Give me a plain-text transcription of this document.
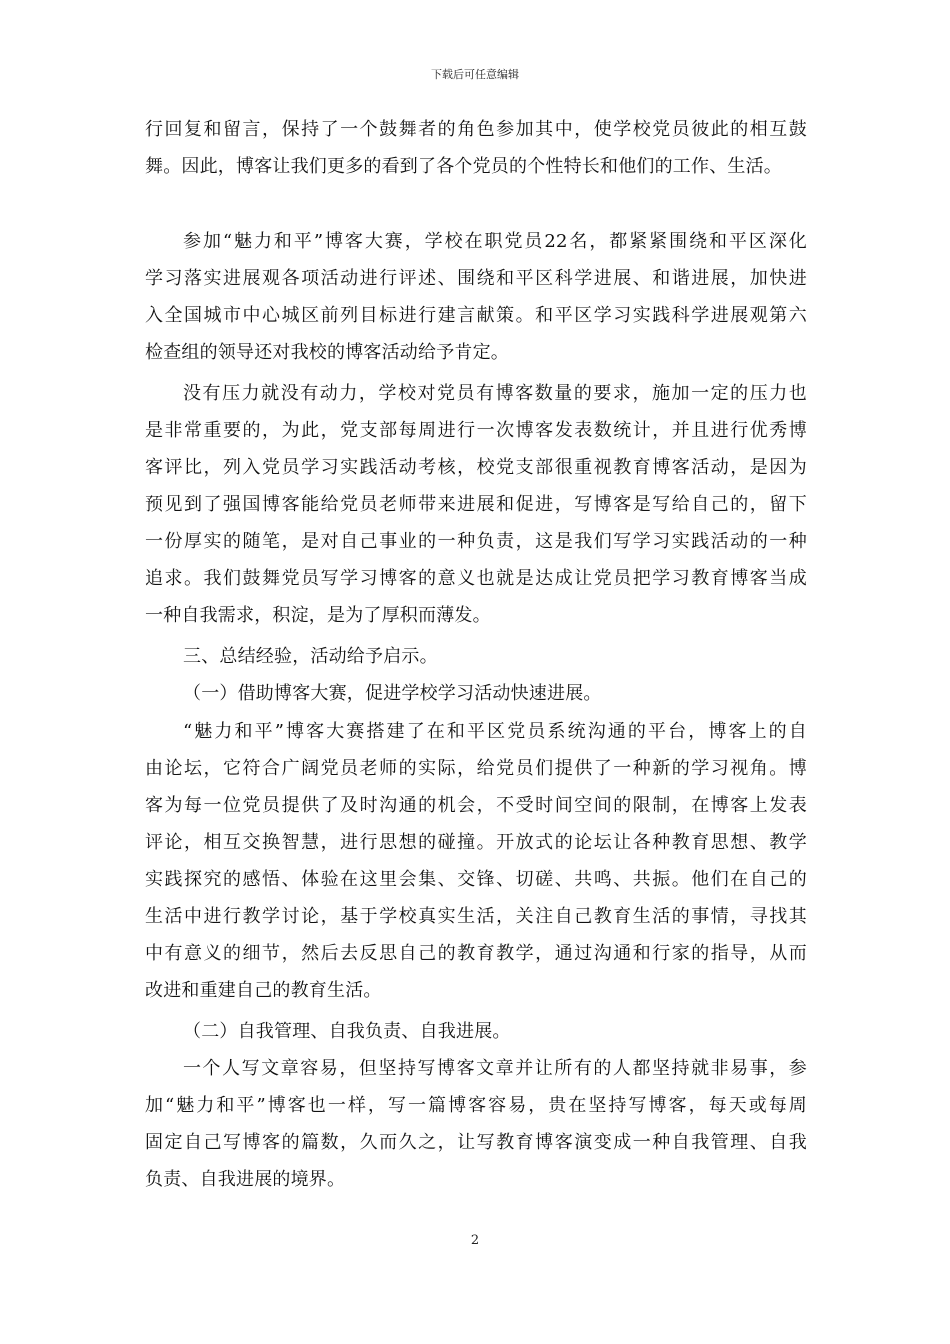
下载后可任意编辑
行回复和留言，保持了一个鼓舞者的角色参加其中，使学校党员彼此的相互鼓
舞。因此，博客让我们更多的看到了各个党员的个性特长和他们的工作、生活。
参加“魅力和平”博客大赛，学校在职党员22名，都紧紧围绕和平区深化
学习落实进展观各项活动进行评述、围绕和平区科学进展、和谐进展，加快进
入全国城市中心城区前列目标进行建言献策。和平区学习实践科学进展观第六
检查组的领导还对我校的博客活动给予肯定。
没有压力就没有动力，学校对党员有博客数量的要求，施加一定的压力也
是非常重要的，为此，党支部每周进行一次博客发表数统计，并且进行优秀博
客评比，列入党员学习实践活动考核，校党支部很重视教育博客活动，是因为
预见到了强国博客能给党员老师带来进展和促进，写博客是写给自己的，留下
一份厚实的随笔，是对自己事业的一种负责，这是我们写学习实践活动的一种
追求。我们鼓舞党员写学习博客的意义也就是达成让党员把学习教育博客当成
一种自我需求，积淀，是为了厚积而薄发。
三、总结经验，活动给予启示。
（一）借助博客大赛，促进学校学习活动快速进展。
“魅力和平”博客大赛搭建了在和平区党员系统沟通的平台，博客上的自
由论坛，它符合广阔党员老师的实际，给党员们提供了一种新的学习视角。博
客为每一位党员提供了及时沟通的机会，不受时间空间的限制，在博客上发表
评论，相互交换智慧，进行思想的碰撞。开放式的论坛让各种教育思想、教学
实践探究的感悟、体验在这里会集、交锋、切磋、共鸣、共振。他们在自己的
生活中进行教学讨论，基于学校真实生活，关注自己教育生活的事情，寻找其
中有意义的细节，然后去反思自己的教育教学，通过沟通和行家的指导，从而
改进和重建自己的教育生活。
（二）自我管理、自我负责、自我进展。
一个人写文章容易，但坚持写博客文章并让所有的人都坚持就非易事，参
加“魅力和平”博客也一样，写一篇博客容易，贵在坚持写博客，每天或每周
固定自己写博客的篇数，久而久之，让写教育博客演变成一种自我管理、自我
负责、自我进展的境界。
2
